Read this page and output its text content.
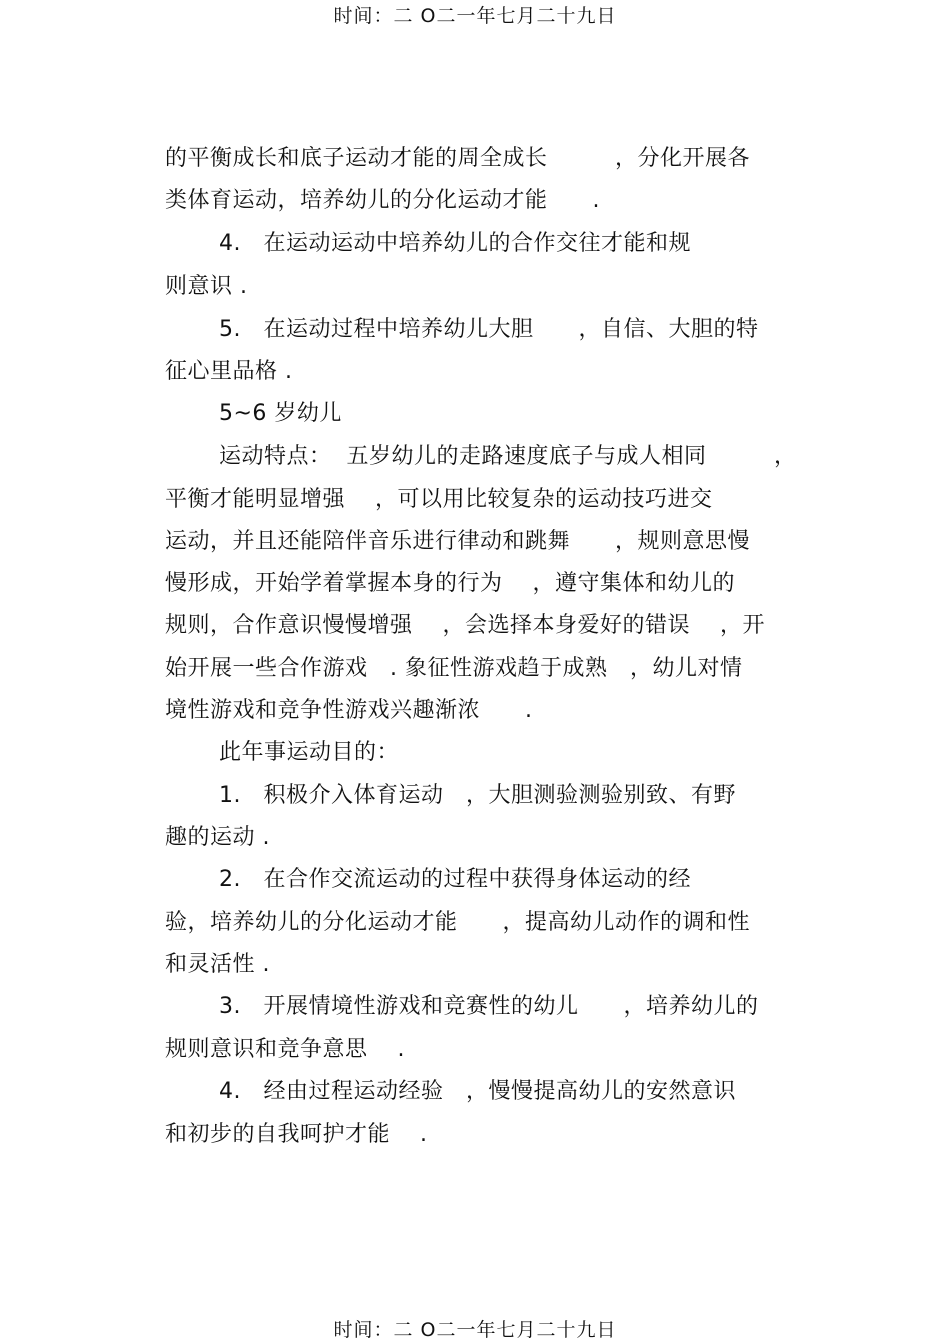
时间：二 O二一年七月二十九日
的平衡成长和底子运动才能的周全成长　　　，分化开展各
类体育运动，培养幼儿的分化运动才能　　.
4.　在运动运动中培养幼儿的合作交往才能和规
则意识 .
5.　在运动过程中培养幼儿大胆　　，自信、大胆的特
征心里品格 .
5~6 岁幼儿
运动特点：  五岁幼儿的走路速度底子与成人相同　　　，
平衡才能明显增强　 ，可以用比较复杂的运动技巧进交
运动，并且还能陪伴音乐进行律动和跳舞　　，规则意思慢
慢形成，开始学着掌握本身的行为　 ，遵守集体和幼儿的
规则，合作意识慢慢增强　 ，会选择本身爱好的错误　 ，开
始开展一些合作游戏　. 象征性游戏趋于成熟　，幼儿对情
境性游戏和竞争性游戏兴趣渐浓　　.
此年事运动目的：
1.　积极介入体育运动　，大胆测验测验别致、有野
趣的运动 .
2.　在合作交流运动的过程中获得身体运动的经
验，培养幼儿的分化运动才能　　，提高幼儿动作的调和性
和灵活性 .
3.　开展情境性游戏和竞赛性的幼儿　　，培养幼儿的
规则意识和竞争意思　 .
4.　经由过程运动经验　，慢慢提高幼儿的安然意识
和初步的自我呵护才能　 .
时间：二 O二一年七月二十九日
